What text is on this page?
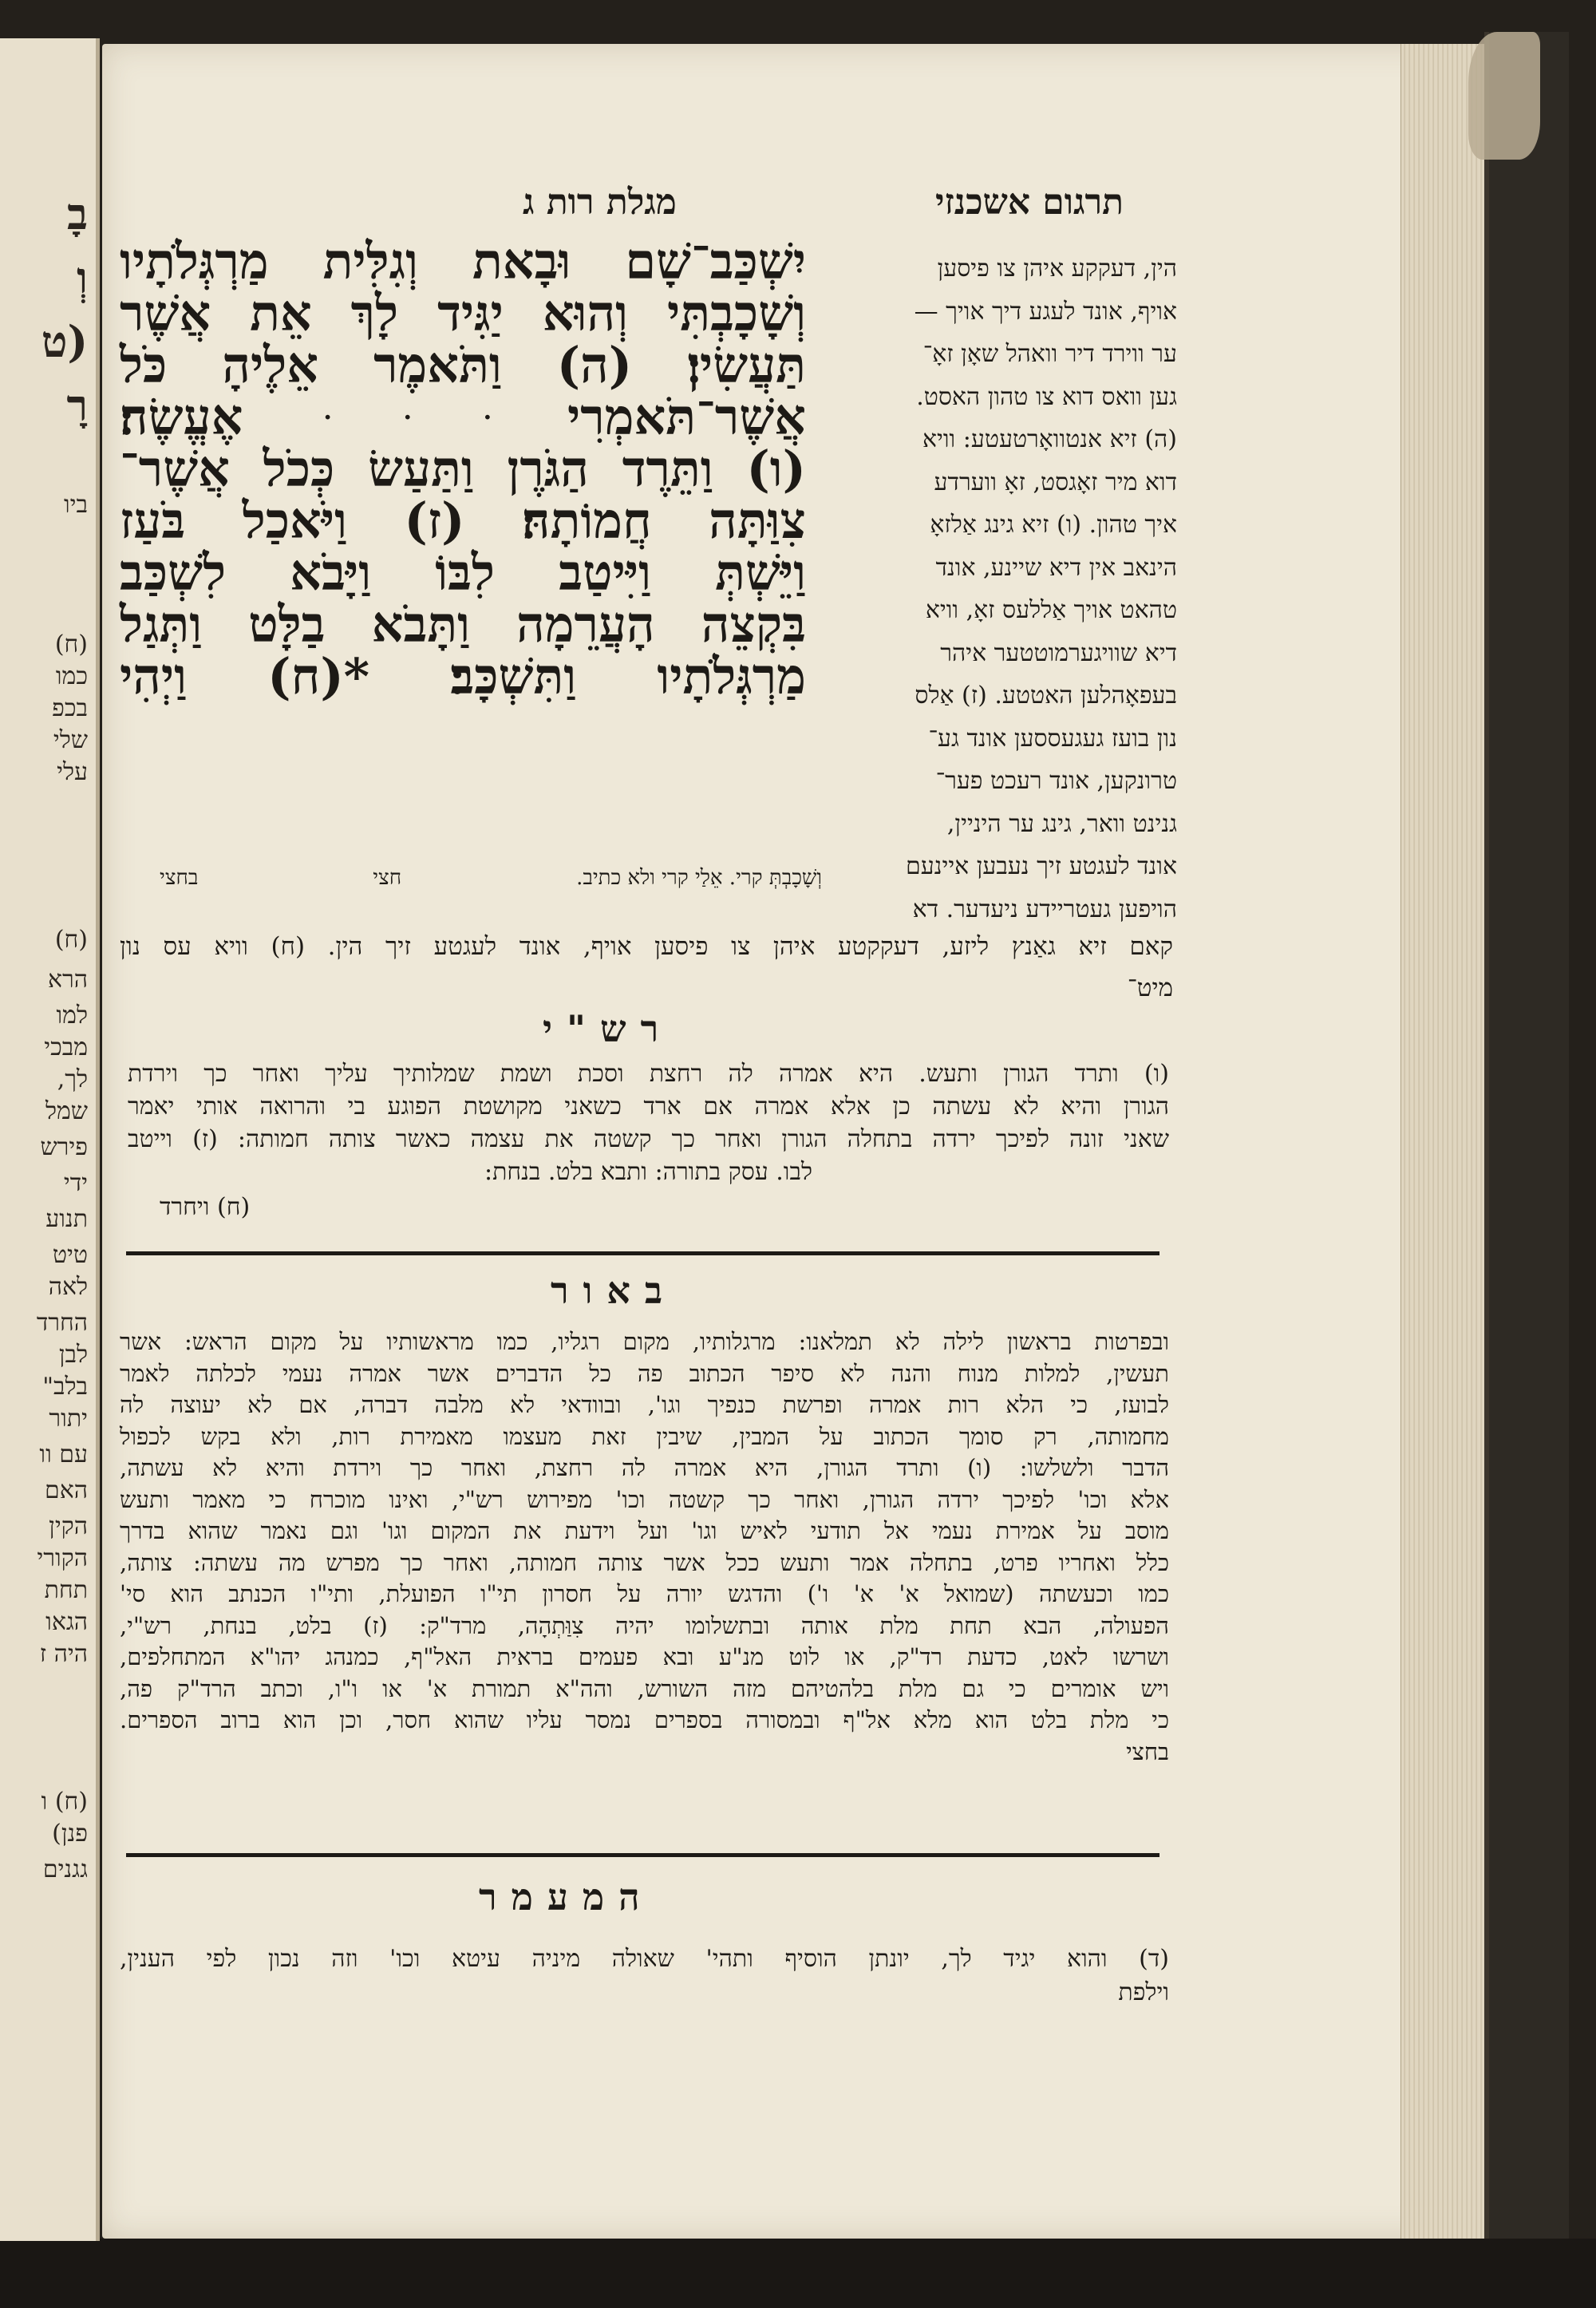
בָ
וְ
(ט
רָ
ביו
(ח)
כמו
בכפ
שלי
עלי
(ח)
הרא
למו
מבכי
לך,
שמל
פירש
ידי
תנוע
טיט
לאה
החרד
לבן
בלב"
יתור
עם וו
האם
הקין
הקורי
תחת
הגאו
היה ז
(ח) ו
פנן)
גגנים
תרגום אשכנזי
מגלת רות ג
הין, דעקקע איהן צו פיסען
אויף, אונד לעגע דיך אויך —
ער ווירד דיר וואהל שאָן זאָ־
גען וואס דוא צו טהון האסט.
(ה) זיא אנטוואָרטעטע: וויא
דוא מיר זאָגסט, זאָ ווערדע
איך טהון. (ו) זיא גינג אַלזאָ
הינאב אין דיא שיינע, אונד
טהאט אויך אַללעס זאָ, וויא
דיא שוויגערמוטטער איהר
בעפאָהלען האטטע. (ז) אַלס
נון בועז געגעססען אונד גע־
טרונקען, אונד רעכט פער־
גנינט וואר, גינג ער היניין,
אונד לעגטע זיך נעבען איינעם
הויפען געטריידע ניעדער. דא
יִשְׁכַּב־שָׁם וּבָאת וְגִלִּית מַרְגְּלֹתָיו
וְשָׁכָבְתִּי וְהוּא יַגִּיד לָךְ אֵת אֲשֶׁר
תַּעֲשִׂין׃ (ה) וַתֹּאמֶר אֵלֶיהָ כֹּל
אֲשֶׁר־תֹּאמְרִי ּ ּ ּ אֶעֱשֶׂה׃
(ו) וַתֵּרֶד הַגֹּרֶן וַתַּעַשׂ כְּכֹל אֲשֶׁר־
צִוַּתָּה חֲמוֹתָהּ׃ (ז) וַיֹּאכַל בֹּעַז
וַיֵּשְׁתְּ וַיִּיטַב לִבּוֹ וַיָּבֹא לִשְׁכַּב
בִּקְצֵה הָעֲרֵמָה וַתָּבֹא בַלָּט וַתְּגַל
מַרְגְּלֹתָיו וַתִּשְׁכָּב׃ *(ח) וַיְהִי
וְשָׁכָבְתְּ קרי. אֵלַי קרי ולא כתיב.
חצי
בחצי
קאם זיא גאַנץ ליזע, דעקקטע איהן צו פיסען אויף, אונד לעגטע זיך הין. (ח) וויא עס נון
מיט־
רש"י
(ו) ותרד הגורן ותעש. היא אמרה לה רחצת וסכת ושמת שמלותיך עליך ואחר כך וירדת
הגורן והיא לא עשתה כן אלא אמרה אם ארד כשאני מקושטת הפוגע בי והרואה אותי יאמר
שאני זונה לפיכך ירדה בתחלה הגורן ואחר כך קשטה את עצמה כאשר צותה חמותה: (ז) וייטב
לבו. עסק בתורה: ותבא בלט. בנחת:
(ח) ויחרד
באור
ובפרטות בראשון לילה לא תמלאנו: מרגלותיו, מקום רגליו, כמו מראשותיו על מקום הראש: אשר
תעשין, למלות מנוח והנה לא סיפר הכתוב פה כל הדברים אשר אמרה נעמי לכלתה לאמר
לבועז, כי הלא רות אמרה ופרשת כנפיך וגו', ובוודאי לא מלבה דברה, אם לא יעוצה לה
מחמותה, רק סומך הכתוב על המבין, שיבין זאת מעצמו מאמירת רות, ולא בקש לכפול
הדבר ולשלשו: (ו) ותרד הגורן, היא אמרה לה רחצת, ואחר כך וירדת והיא לא עשתה,
אלא וכו' לפיכך ירדה הגורן, ואחר כך קשטה וכו' מפירוש רש"י, ואינו מוכרח כי מאמר ותעש
מוסב על אמירת נעמי אל תודעי לאיש וגו' ועל וידעת את המקום וגו' וגם נאמר שהוא בדרך
כלל ואחריו פרט, בתחלה אמר ותעש ככל אשר צותה חמותה, ואחר כך מפרש מה עשתה: צותה,
כמו וכעשתה (שמואל א' א' ו') והדגש יורה על חסרון תי"ו הפועלת, ותי"ו הכנתב הוא סי'
הפעולה, הבא תחת מלת אותה ובתשלומו יהיה צִוַּתְהָה, מרד"ק: (ז) בלט, בנחת, רש"י,
ושרשו לאט, כדעת רד"ק, או לוט מנ"ע ובא פעמים בראית האל"ף, כמנהג יהו"א המתחלפים,
ויש אומרים כי גם מלת בלהטיהם מזה השורש, והה"א תמורת א' או ו"ו, וכתב הרד"ק פה,
כי מלת בלט הוא מלא אל"ף ובמסורה בספרים נמסר עליו שהוא חסר, וכן הוא ברוב הספרים.
בחצי
המעמר
(ד) והוא יגיד לך, יונתן הוסיף ותהי' שאולה מיניה עיטא וכו' וזה נכון לפי הענין,
וילפת
